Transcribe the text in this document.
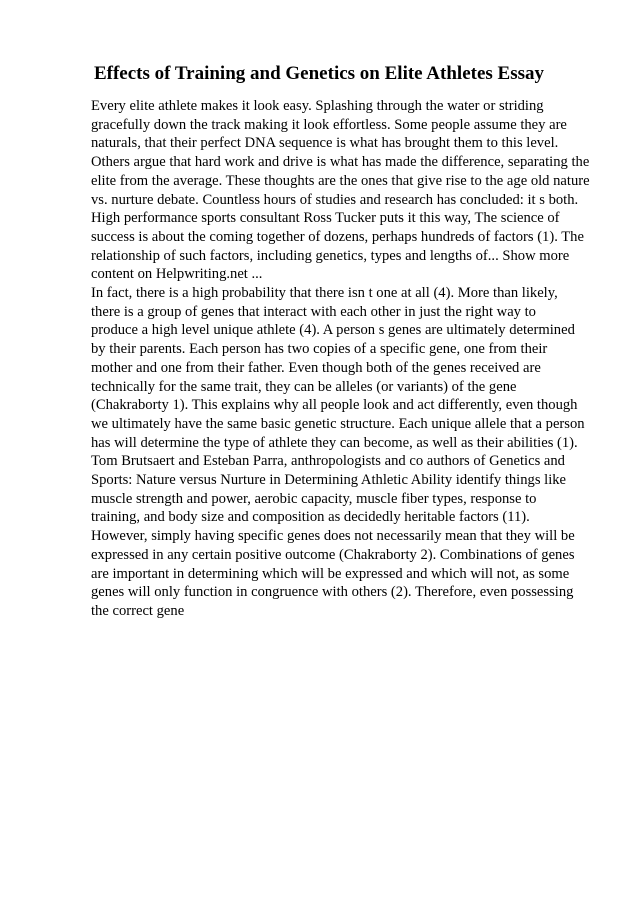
Effects of Training and Genetics on Elite Athletes Essay
Every elite athlete makes it look easy. Splashing through the water or striding
gracefully down the track making it look effortless. Some people assume they are
naturals, that their perfect DNA sequence is what has brought them to this level.
Others argue that hard work and drive is what has made the difference, separating the
elite from the average. These thoughts are the ones that give rise to the age old nature
vs. nurture debate. Countless hours of studies and research has concluded: it s both.
High performance sports consultant Ross Tucker puts it this way, The science of
success is about the coming together of dozens, perhaps hundreds of factors (1). The
relationship of such factors, including genetics, types and lengths of... Show more
content on Helpwriting.net ...
In fact, there is a high probability that there isn t one at all (4). More than likely,
there is a group of genes that interact with each other in just the right way to
produce a high level unique athlete (4). A person s genes are ultimately determined
by their parents. Each person has two copies of a specific gene, one from their
mother and one from their father. Even though both of the genes received are
technically for the same trait, they can be alleles (or variants) of the gene
(Chakraborty 1). This explains why all people look and act differently, even though
we ultimately have the same basic genetic structure. Each unique allele that a person
has will determine the type of athlete they can become, as well as their abilities (1).
Tom Brutsaert and Esteban Parra, anthropologists and co authors of Genetics and
Sports: Nature versus Nurture in Determining Athletic Ability identify things like
muscle strength and power, aerobic capacity, muscle fiber types, response to
training, and body size and composition as decidedly heritable factors (11).
However, simply having specific genes does not necessarily mean that they will be
expressed in any certain positive outcome (Chakraborty 2). Combinations of genes
are important in determining which will be expressed and which will not, as some
genes will only function in congruence with others (2). Therefore, even possessing
the correct gene
